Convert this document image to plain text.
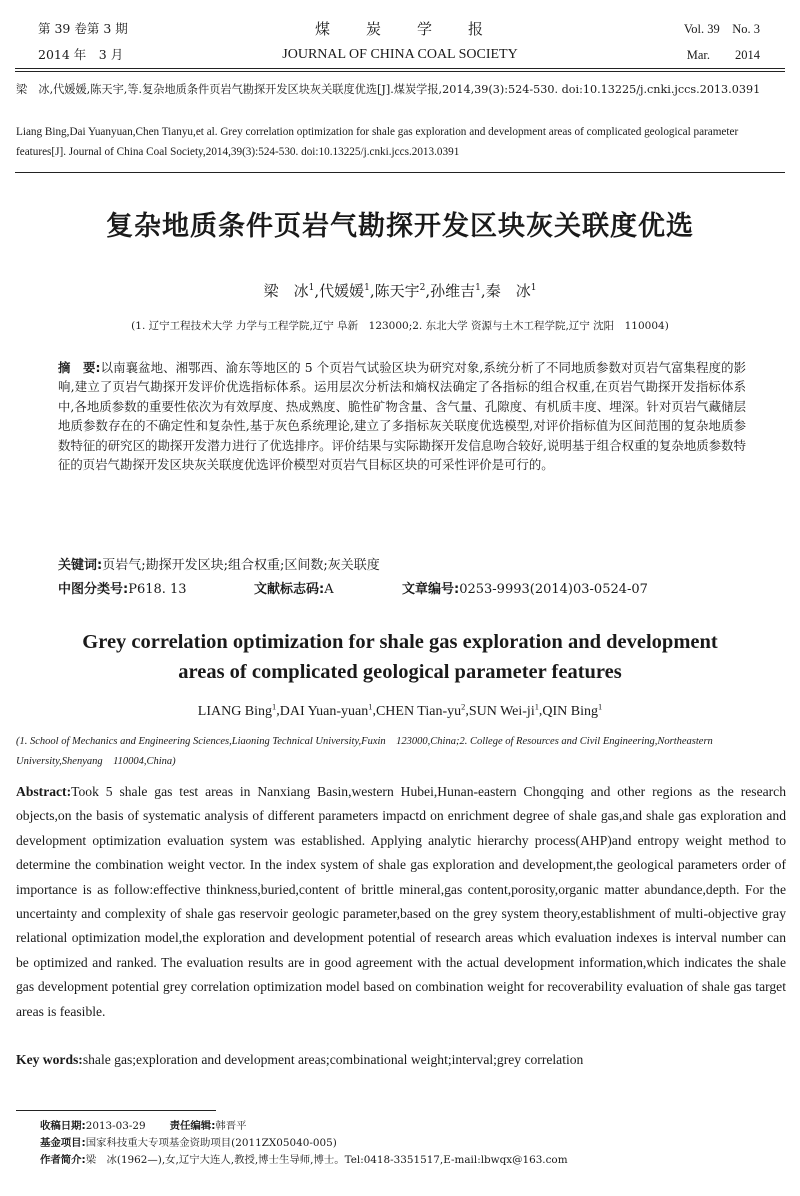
第 39 卷第 3 期
2014 年　3 月
煤　　炭　　学　　报
JOURNAL OF CHINA COAL SOCIETY
Vol. 39　No. 3
Mar.　　2014

梁　冰,代媛媛,陈天宇,等.复杂地质条件页岩气勘探开发区块灰关联度优选[J].煤炭学报,2014,39(3):524-530. doi:10.13225/j.cnki.jccs.2013.0391

Liang Bing,Dai Yuanyuan,Chen Tianyu,et al. Grey correlation optimization for shale gas exploration and development areas of complicated geological parameter features[J]. Journal of China Coal Society,2014,39(3):524-530. doi:10.13225/j.cnki.jccs.2013.0391

复杂地质条件页岩气勘探开发区块灰关联度优选
梁　冰$^1$,代媛媛$^1$,陈天宇$^2$,孙维吉$^1$,秦　冰$^1$
(1. 辽宁工程技术大学 力学与工程学院,辽宁 阜新　123000;2. 东北大学 资源与土木工程学院,辽宁 沈阳　110004)

摘　要:以南襄盆地、湘鄂西、渝东等地区的 5 个页岩气试验区块为研究对象,系统分析了不同地质参数对页岩气富集程度的影响,建立了页岩气勘探开发评价优选指标体系。运用层次分析法和熵权法确定了各指标的组合权重,在页岩气勘探开发指标体系中,各地质参数的重要性依次为有效厚度、热成熟度、脆性矿物含量、含气量、孔隙度、有机质丰度、埋深。针对页岩气藏储层地质参数存在的不确定性和复杂性,基于灰色系统理论,建立了多指标灰关联度优选模型,对评价指标值为区间范围的复杂地质参数特征的研究区的勘探开发潜力进行了优选排序。评价结果与实际勘探开发信息吻合较好,说明基于组合权重的复杂地质参数特征的页岩气勘探开发区块灰关联度优选评价模型对页岩气目标区块的可采性评价是可行的。

关键词:页岩气;勘探开发区块;组合权重;区间数;灰关联度

中图分类号:P618. 13	文献标志码:A	文章编号:0253-9993(2014)03-0524-07

Grey correlation optimization for shale gas exploration and development
areas of complicated geological parameter features

LIANG Bing$^1$,DAI Yuan-yuan$^1$,CHEN Tian-$yu^2,SUN$ Wei-$ji^1,QIN$ Bing$^1$

(1. School of Mechanics and Engineering Sciences,Liaoning Technical University,Fuxin　123000,China;2. College of Resources and Civil Engineering,Northeastern University,Shenyang　110004,China)

Abstract:Took 5 shale gas test areas in Nanxiang Basin,western Hubei,Hunan-eastern Chongqing and other regions as the research objects,on the basis of systematic analysis of different parameters impactd on enrichment degree of shale gas,and shale gas exploration and development optimization evaluation system was established. Applying analytic hierarchy process(AHP)and entropy weight method to determine the combination weight vector. In the index system of shale gas exploration and development,the geological parameters order of importance is as follow:effective thinkness,buried,content of brittle mineral,gas content,porosity,organic matter abundance,depth. For the uncertainty and complexity of shale gas reservoir geologic parameter,based on the grey system theory,establishment of multi-objective gray relational optimization model,the exploration and development potential of research areas which evaluation indexes is interval number can be optimized and ranked. The evaluation results are in good agreement with the actual development information,which indicates the shale gas development potential grey correlation optimization model based on combination weight for recoverability evaluation of shale gas target areas is feasible.

Key words:shale gas;exploration and development areas;combinational weight;interval;grey correlation

收稿日期:2013-03-29 责任编辑:韩晋平

基金项目:国家科技重大专项基金资助项目(2011ZX05040-005)

作者简介:梁　冰(1962—),女,辽宁大连人,教授,博士生导师,博士。Tel:0418-3351517,E-mail:lbwqx@163.com
